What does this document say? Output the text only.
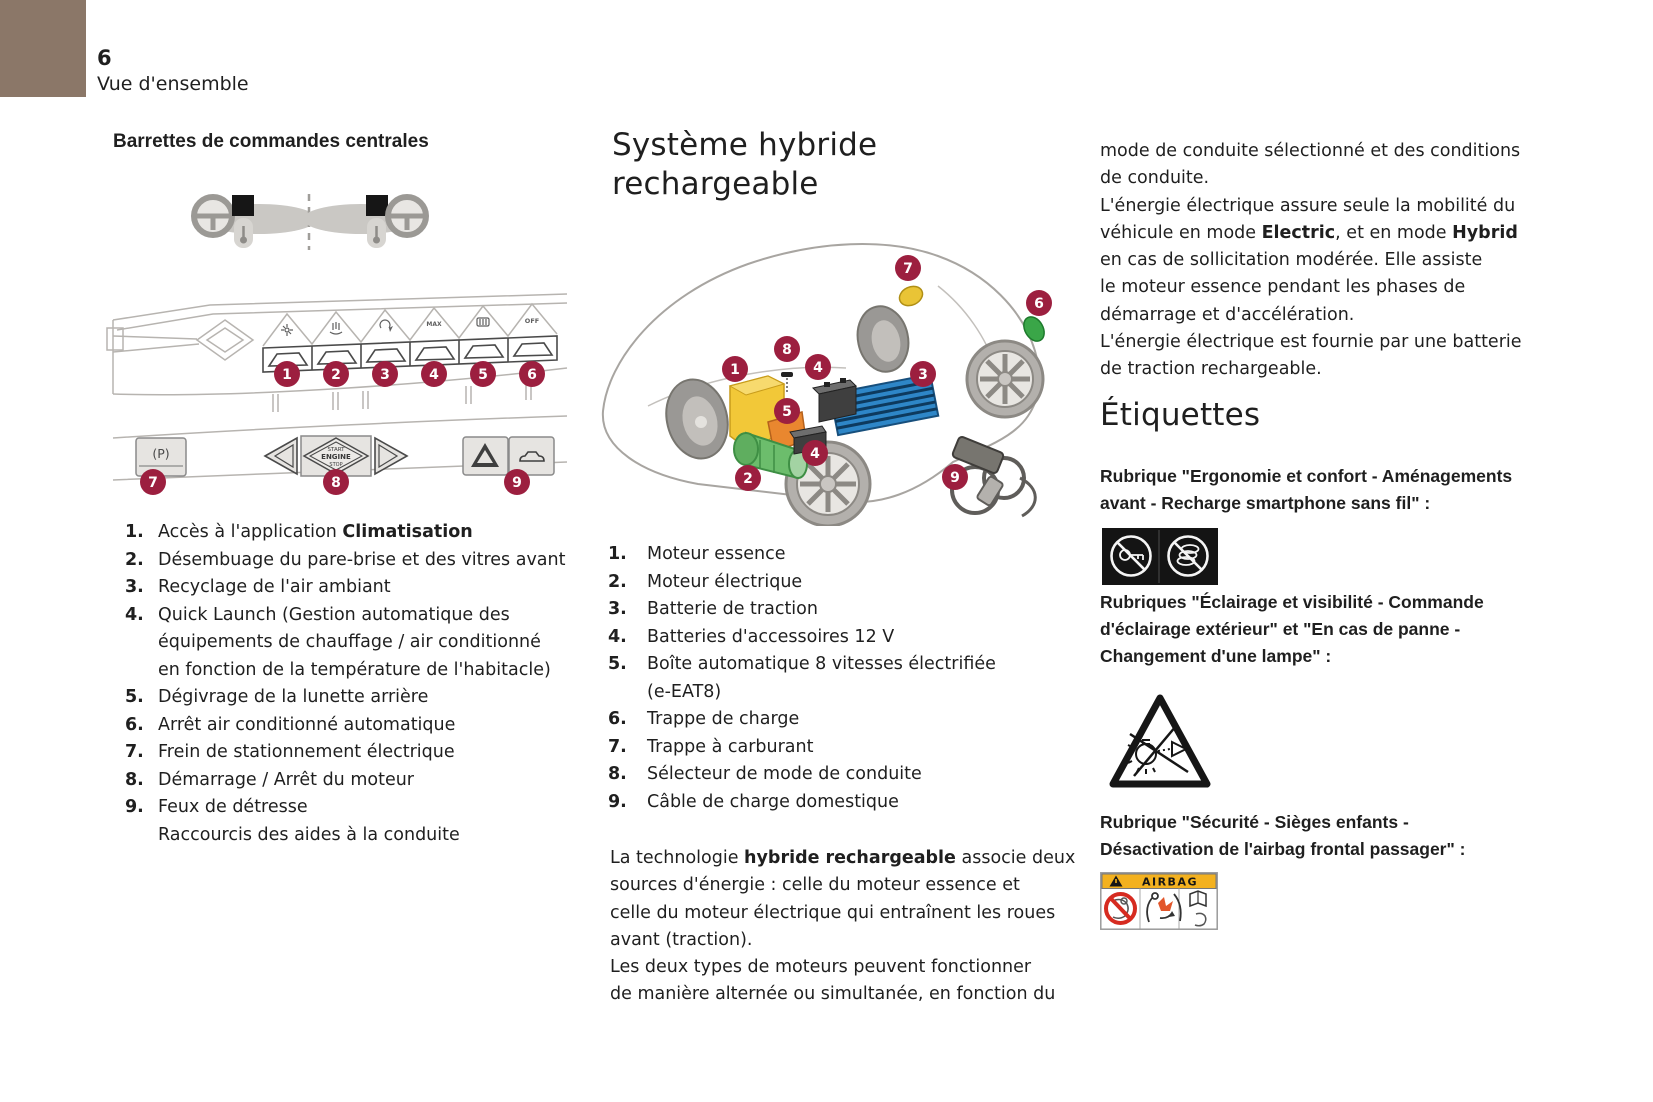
6
Vue d'ensemble
Barrettes de commandes centrales
MAX	OFF
1	2	3	4	5	6
(P)	START
ENGINE
STOP
7	8	9
1. Accès à l'application Climatisation
2. Désembuage du pare-brise et des vitres avant
3. Recyclage de l'air ambiant
4. Quick Launch (Gestion automatique des
équipements de chauffage / air conditionné
en fonction de la température de l'habitacle)
5. Dégivrage de la lunette arrière
6. Arrêt air conditionné automatique
7. Frein de stationnement électrique
8. Démarrage / Arrêt du moteur
9. Feux de détresse
Raccourcis des aides à la conduite
Système hybride
rechargeable
1
2
3
4
4
5
6
7
8
9
1.	Moteur essence
2.	Moteur électrique
3.	Batterie de traction
4.	Batteries d'accessoires 12 V
5.	Boîte automatique 8 vitesses électrifiée
(e-EAT8)
6.	Trappe de charge
7.	Trappe à carburant
8.	Sélecteur de mode de conduite
9.	Câble de charge domestique
La technologie hybride rechargeable associe deux
sources d'énergie : celle du moteur essence et
celle du moteur électrique qui entraînent les roues
avant (traction).
Les deux types de moteurs peuvent fonctionner
de manière alternée ou simultanée, en fonction du
mode de conduite sélectionné et des conditions
de conduite.
L'énergie électrique assure seule la mobilité du
véhicule en mode Electric, et en mode Hybrid
en cas de sollicitation modérée. Elle assiste
le moteur essence pendant les phases de
démarrage et d'accélération.
L'énergie électrique est fournie par une batterie
de traction rechargeable.
Étiquettes
Rubrique "Ergonomie et confort - Aménagements
avant - Recharge smartphone sans fil" :
Rubriques "Éclairage et visibilité - Commande
d'éclairage extérieur" et "En cas de panne -
Changement d'une lampe" :
Rubrique "Sécurité - Sièges enfants -
Désactivation de l'airbag frontal passager" :
AIRBAG
